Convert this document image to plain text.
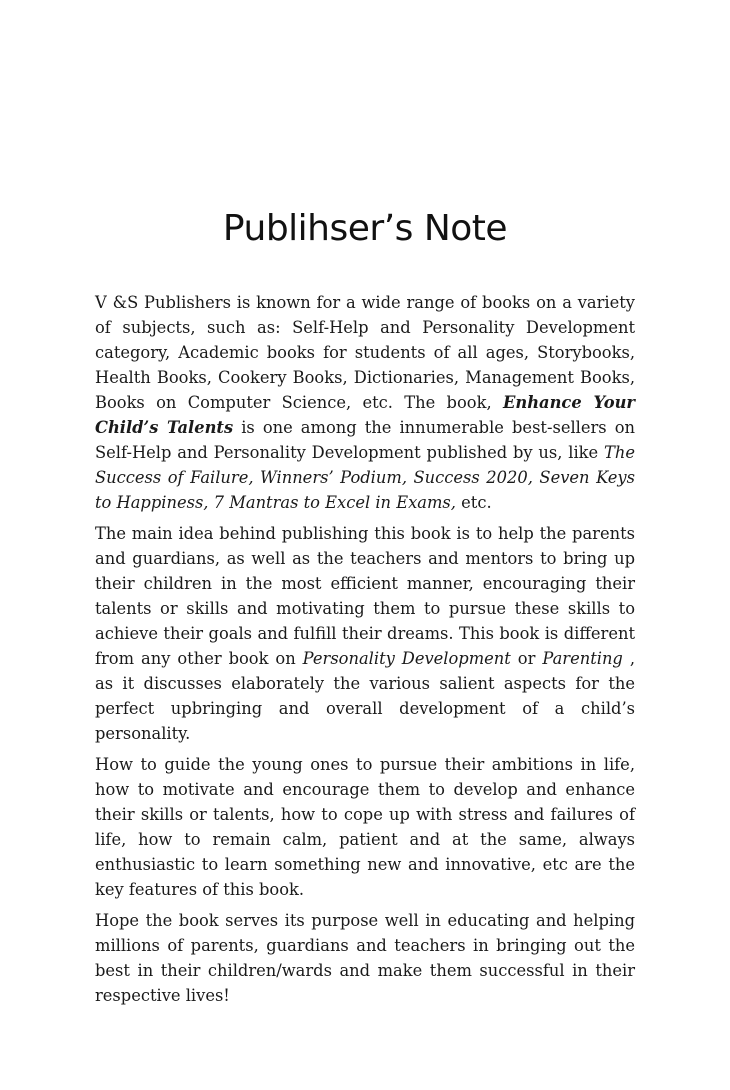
Publihser’s Note

V &S Publishers is known for a wide range of books on a variety of subjects, such as: Self-Help and Personality Development category, Academic books for students of all ages, Storybooks, Health Books, Cookery Books, Dictionaries, Management Books, Books on Computer Science, etc. The book, Enhance Your Child’s Talents is one among the innumerable best-sellers on Self-Help and Personality Development published by us, like The Success of Failure, Winners’ Podium, Success 2020, Seven Keys to Happiness, 7 Mantras to Excel in Exams, etc.

The main idea behind publishing this book is to help the parents and guardians, as well as the teachers and mentors to bring up their children in the most efficient manner, encouraging their talents or skills and motivating them to pursue these skills to achieve their goals and fulfill their dreams. This book is different from any other book on Personality Development or Parenting , as it discusses elaborately the various salient aspects for the perfect upbringing and overall development of a child’s personality.

How to guide the young ones to pursue their ambitions in life, how to motivate and encourage them to develop and enhance their skills or talents, how to cope up with stress and failures of life, how to remain calm, patient and at the same, always enthusiastic to learn something new and innovative, etc are the key features of this book.

Hope the book serves its purpose well in educating and helping millions of parents, guardians and teachers in bringing out the best in their children/wards and make them successful in their respective lives!
